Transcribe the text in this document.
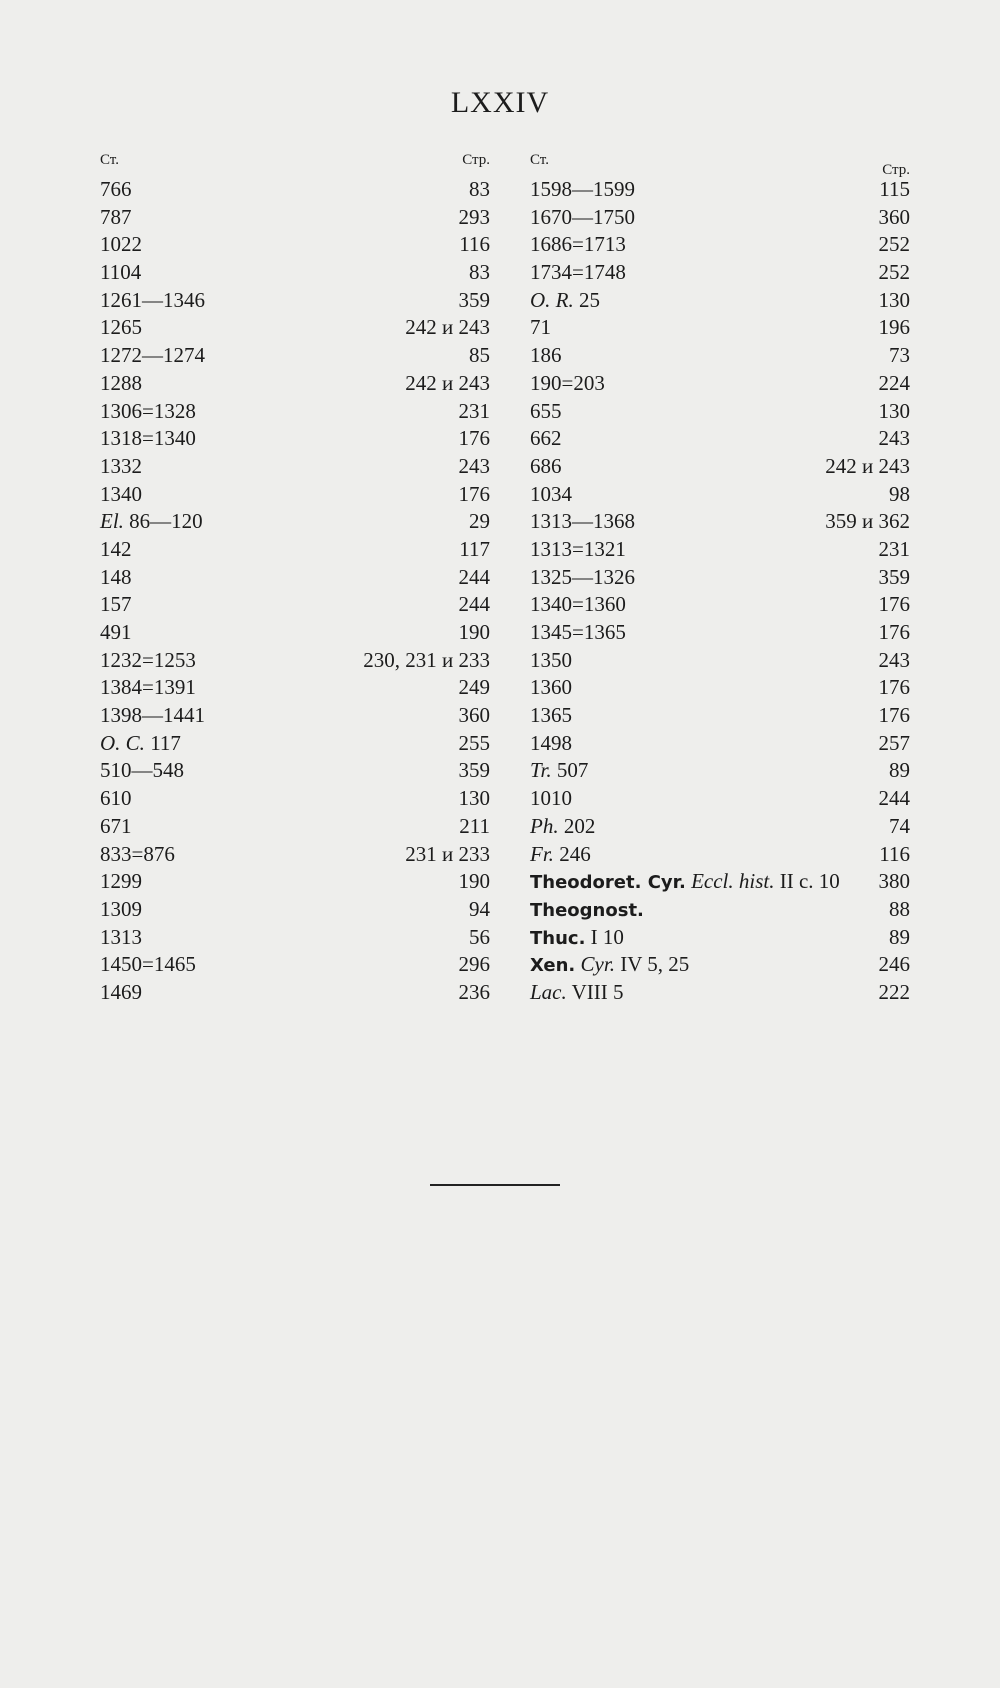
LXXIV
Ст.	Стр.
766	83
787	293
1022	116
1104	83
1261—1346	359
1265	242 и 243
1272—1274	85
1288	242 и 243
1306=1328	231
1318=1340	176
1332	243
1340	176
El. 86—120	29
142	117
148	244
157	244
491	190
1232=1253	230, 231 и 233
1384=1391	249
1398—1441	360
O. C. 117	255
510—548	359
610	130
671	211
833=876	231 и 233
1299	190
1309	94
1313	56
1450=1465	296
1469	236
Ст.
Стр.
1598—1599	115
1670—1750	360
1686=1713	252
1734=1748	252
O. R. 25	130
71	196
186	73
190=203	224
655	130
662	243
686	242 и 243
1034	98
1313—1368	359 и 362
1313=1321	231
1325—1326	359
1340=1360	176
1345=1365	176
1350	243
1360	176
1365	176
1498	257
Tr. 507	89
1010	244
Ph. 202	74
Fr. 246	116
Theodoret. Cyr. Eccl. hist. II c. 10 380
Theognost.	88
Thuc. I 10	89
Xen. Cyr. IV 5, 25	246
Lac. VIII 5	222
